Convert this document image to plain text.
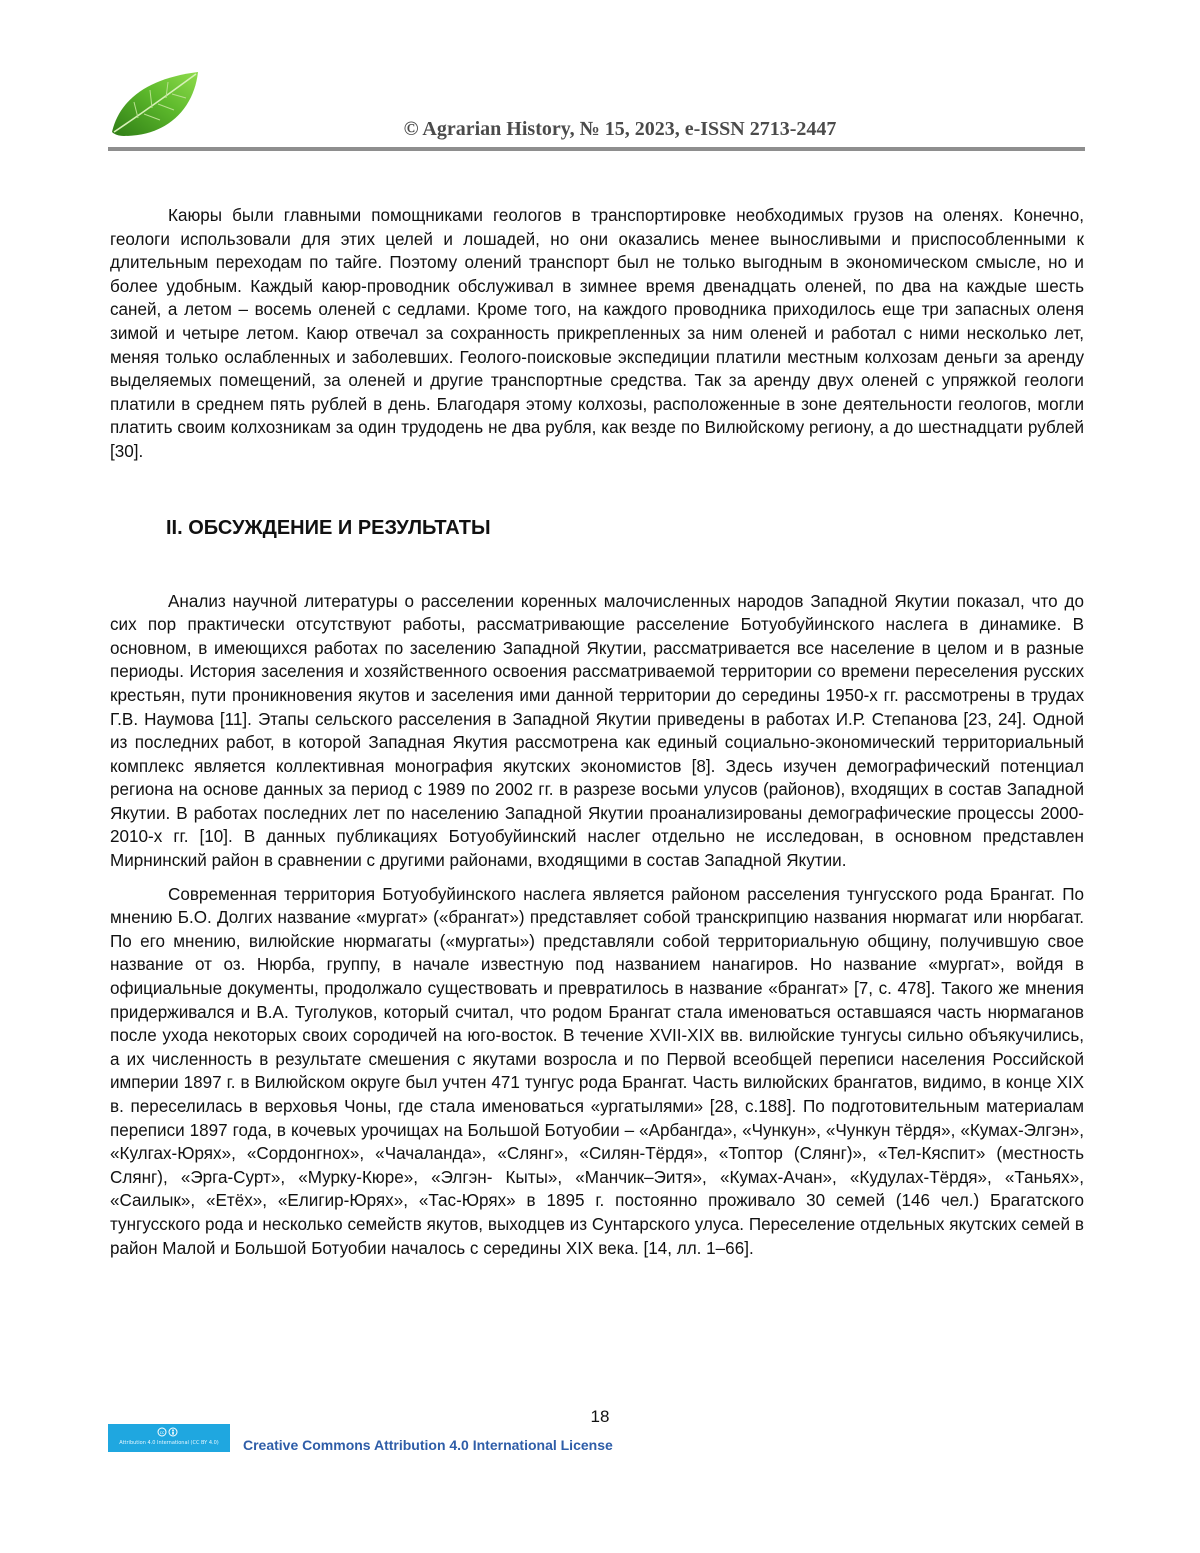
© Agrarian History, № 15, 2023, e-ISSN 2713-2447

Каюры были главными помощниками геологов в транспортировке необходимых грузов на оленях. Конечно, геологи использовали для этих целей и лошадей, но они оказались менее выносливыми и приспособленными к длительным переходам по тайге. Поэтому олений транспорт был не только выгодным в экономическом смысле, но и более удобным. Каждый каюр-проводник обслуживал в зимнее время двенадцать оленей, по два на каждые шесть саней, а летом – восемь оленей с седлами. Кроме того, на каждого проводника приходилось еще три запасных оленя зимой и четыре летом. Каюр отвечал за сохранность прикрепленных за ним оленей и работал с ними несколько лет, меняя только ослабленных и заболевших. Геолого-поисковые экспедиции платили местным колхозам деньги за аренду выделяемых помещений, за оленей и другие транспортные средства. Так за аренду двух оленей с упряжкой геологи платили в среднем пять рублей в день. Благодаря этому колхозы, расположенные в зоне деятельности геологов, могли платить своим колхозникам за один трудодень не два рубля, как везде по Вилюйскому региону, а до шестнадцати рублей [30].

II. ОБСУЖДЕНИЕ И РЕЗУЛЬТАТЫ

Анализ научной литературы о расселении коренных малочисленных народов Западной Якутии показал, что до сих пор практически отсутствуют работы, рассматривающие расселение Ботуобуйинского наслега в динамике. В основном, в имеющихся работах по заселению Западной Якутии, рассматривается все население в целом и в разные периоды. История заселения и хозяйственного освоения рассматриваемой территории со времени переселения русских крестьян, пути проникновения якутов и заселения ими данной территории до середины 1950-х гг. рассмотрены в трудах Г.В. Наумова [11]. Этапы сельского расселения в Западной Якутии приведены в работах И.Р. Степанова [23, 24]. Одной из последних работ, в которой Западная Якутия рассмотрена как единый социально-экономический территориальный комплекс является коллективная монография якутских экономистов [8]. Здесь изучен демографический потенциал региона на основе данных за период с 1989 по 2002 гг. в разрезе восьми улусов (районов), входящих в состав Западной Якутии. В работах последних лет по населению Западной Якутии проанализированы демографические процессы 2000-2010-х гг. [10]. В данных публикациях Ботуобуйинский наслег отдельно не исследован, в основном представлен Мирнинский район в сравнении с другими районами, входящими в состав Западной Якутии.

Современная территория Ботуобуйинского наслега является районом расселения тунгусского рода Брангат. По мнению Б.О. Долгих название «мургат» («брангат») представляет собой транскрипцию названия нюрмагат или нюрбагат. По его мнению, вилюйские нюрмагаты («мургаты») представляли собой территориальную общину, получившую свое название от оз. Нюрба, группу, в начале известную под названием нанагиров. Но название «мургат», войдя в официальные документы, продолжало существовать и превратилось в название «брангат» [7, с. 478]. Такого же мнения придерживался и В.А. Туголуков, который считал, что родом Брангат стала именоваться оставшаяся часть нюрмаганов после ухода некоторых своих сородичей на юго-восток. В течение XVII-XIX вв. вилюйские тунгусы сильно объякучились, а их численность в результате смешения с якутами возросла и по Первой всеобщей переписи населения Российской империи 1897 г. в Вилюйском округе был учтен 471 тунгус рода Брангат. Часть вилюйских брангатов, видимо, в конце XIX в. переселилась в верховья Чоны, где стала именоваться «ургатылями» [28, с.188]. По подготовительным материалам переписи 1897 года, в кочевых урочищах на Большой Ботуобии – «Арбангда», «Чункун», «Чункун тёрдя», «Кумах-Элгэн», «Кулгах-Юрях», «Сордонгнох», «Чачаланда», «Слянг», «Силян-Тёрдя», «Топтор (Слянг)», «Тел-Кяспит» (местность Слянг), «Эрга-Сурт», «Мурку-Кюре», «Элгэн- Кыты», «Манчик–Эитя», «Кумах-Ачан», «Кудулах-Тёрдя», «Таньях», «Саилык», «Етёх», «Елигир-Юрях», «Тас-Юрях» в 1895 г. постоянно проживало 30 семей (146 чел.) Брагатского тунгусского рода и несколько семейств якутов, выходцев из Сунтарского улуса. Переселение отдельных якутских семей в район Малой и Большой Ботуобии началось с середины XIX века. [14, лл. 1–66].

18
cc
Attribution 4.0 International (CC BY 4.0)	Creative Commons Attribution 4.0 International License
